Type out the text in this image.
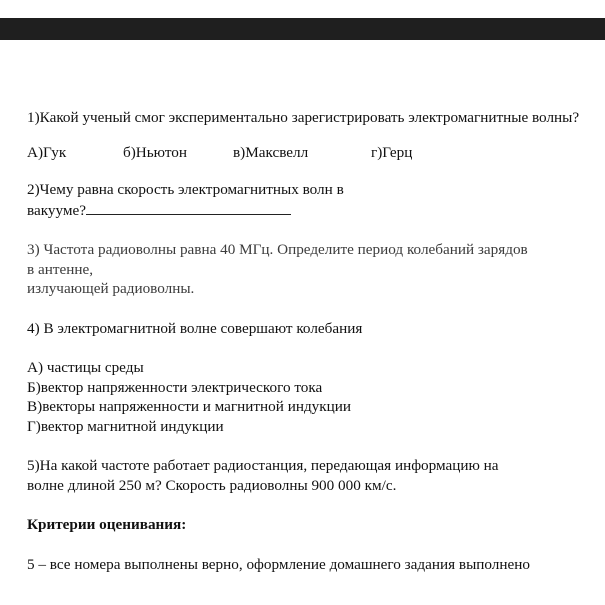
1)Какой ученый смог экспериментально зарегистрировать электромагнитные волны?

А)Гук	б)Ньютон	в)Максвелл	г)Герц
2)Чему равна скорость электромагнитных волн в
вакууме?
3) Частота радиоволны равна 40 МГц. Определите период колебаний зарядов
в антенне,
излучающей радиоволны.

4) В электромагнитной волне совершают колебания

А) частицы среды
Б)вектор напряженности электрического тока
В)векторы напряженности и магнитной индукции
Г)вектор магнитной индукции
5)На какой частоте работает радиостанция, передающая информацию на
волне длиной 250 м? Скорость радиоволны 900 000 км/с.

Критерии оценивания:

5 – все номера выполнены верно, оформление домашнего задания выполнено
